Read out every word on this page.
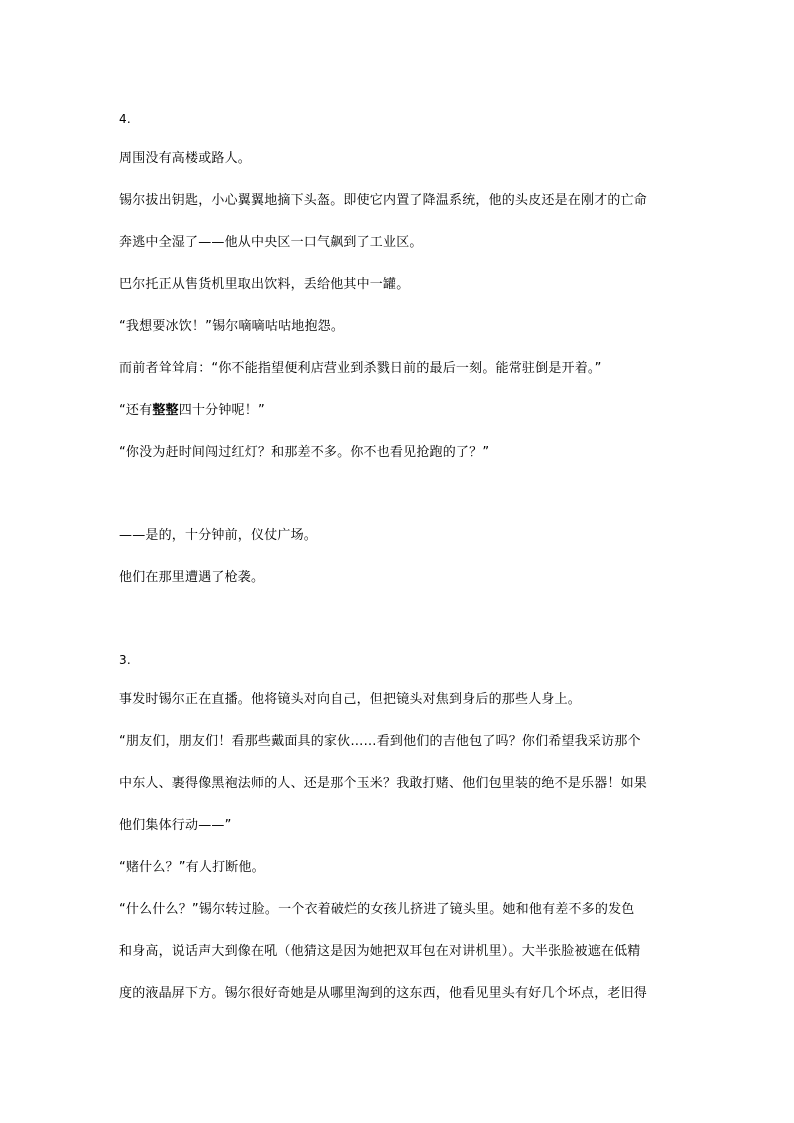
4.
周围没有高楼或路人。
锡尔拔出钥匙，小心翼翼地摘下头盔。即使它内置了降温系统，他的头皮还是在刚才的亡命
奔逃中全湿了——他从中央区一口气飙到了工业区。
巴尔托正从售货机里取出饮料，丢给他其中一罐。
“我想要冰饮！”锡尔嘀嘀咕咕地抱怨。
而前者耸耸肩：“你不能指望便利店营业到杀戮日前的最后一刻。能常驻倒是开着。”
“还有整整四十分钟呢！”
“你没为赶时间闯过红灯？和那差不多。你不也看见抢跑的了？”
——是的，十分钟前，仪仗广场。
他们在那里遭遇了枪袭。
3.
事发时锡尔正在直播。他将镜头对向自己，但把镜头对焦到身后的那些人身上。
“朋友们，朋友们！看那些戴面具的家伙……看到他们的吉他包了吗？你们希望我采访那个
中东人、裹得像黑袍法师的人、还是那个玉米？我敢打赌、他们包里装的绝不是乐器！如果
他们集体行动——”
“赌什么？”有人打断他。
“什么什么？”锡尔转过脸。一个衣着破烂的女孩儿挤进了镜头里。她和他有差不多的发色
和身高，说话声大到像在吼（他猜这是因为她把双耳包在对讲机里）。大半张脸被遮在低精
度的液晶屏下方。锡尔很好奇她是从哪里淘到的这东西，他看见里头有好几个坏点，老旧得
